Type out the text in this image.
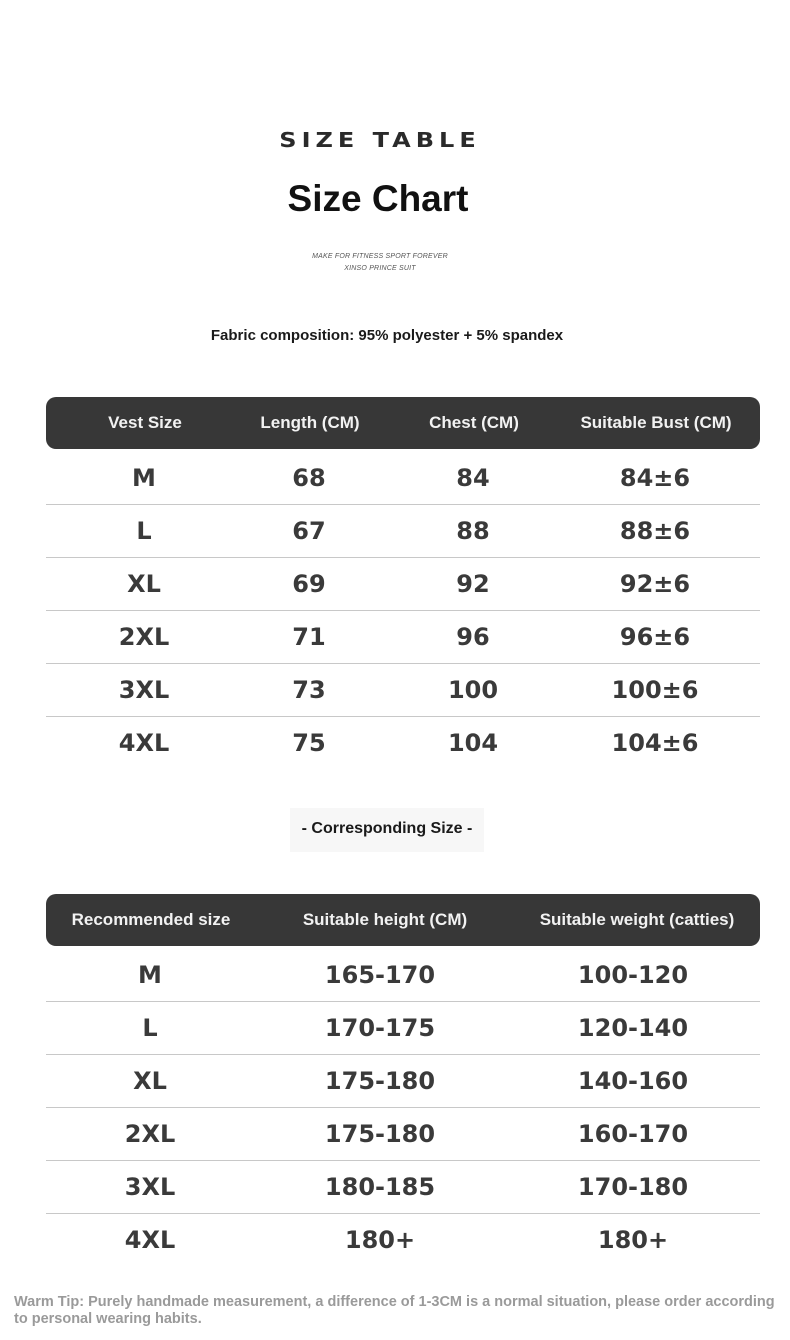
SIZE TABLE
Size Chart
MAKE FOR FITNESS SPORT FOREVER
XINSO PRINCE SUIT
Fabric composition: 95% polyester + 5% spandex
Vest Size	Length (CM)	Chest (CM)	Suitable Bust (CM)
M	68	84	84±6
L	67	88	88±6
XL	69	92	92±6
2XL	71	96	96±6
3XL	73	100	100±6
4XL	75	104	104±6
- Corresponding Size -
Recommended size	Suitable height (CM)	Suitable weight (catties)
M	165-170	100-120
L	170-175	120-140
XL	175-180	140-160
2XL	175-180	160-170
3XL	180-185	170-180
4XL	180+	180+
Warm Tip: Purely handmade measurement, a difference of 1-3CM is a normal situation, please order according to personal wearing habits.
